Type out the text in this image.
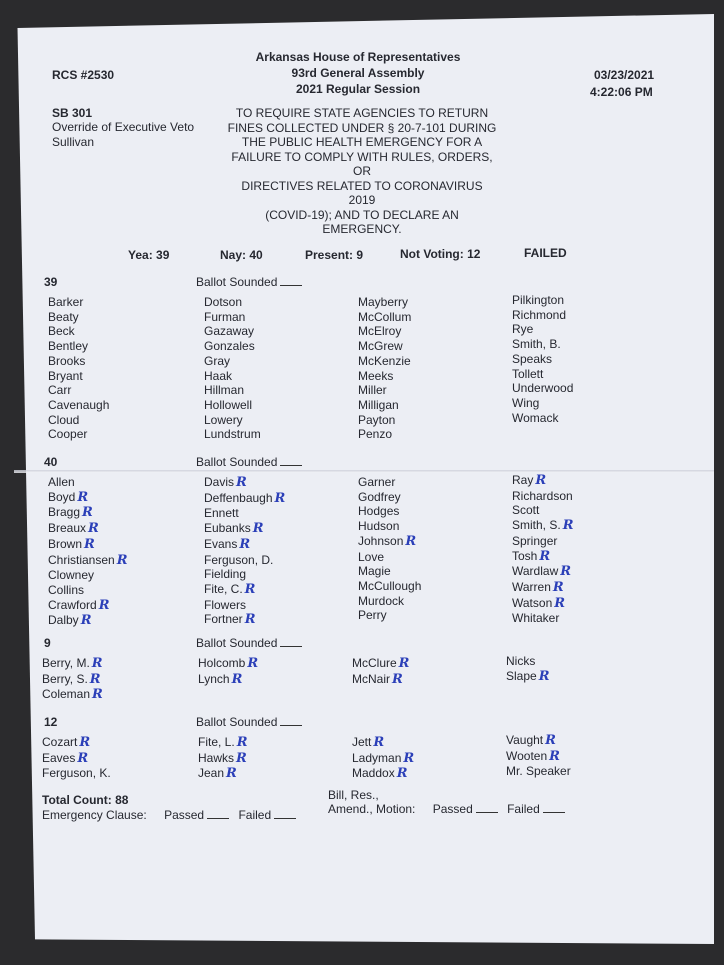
RCS #2530

Arkansas House of Representatives

93rd General Assembly

2021 Regular Session

03/23/2021

4:22:06 PM

SB 301

Override of Executive Veto

Sullivan

TO REQUIRE STATE AGENCIES TO RETURN

FINES COLLECTED UNDER § 20-7-101 DURING

THE PUBLIC HEALTH EMERGENCY FOR A

FAILURE TO COMPLY WITH RULES, ORDERS,

OR

DIRECTIVES RELATED TO CORONAVIRUS

2019

(COVID-19); AND TO DECLARE AN

EMERGENCY.

Yea: 39	Nay: 40	Present: 9	Not Voting: 12	FAILED

39	Ballot Sounded

Barker
Beaty
Beck
Bentley
Brooks
Bryant
Carr
Cavenaugh
Cloud
Cooper
Dotson
Furman
Gazaway
Gonzales
Gray
Haak
Hillman
Hollowell
Lowery
Lundstrum
Mayberry
McCollum
McElroy
McGrew
McKenzie
Meeks
Miller
Milligan
Payton
Penzo
Pilkington
Richmond
Rye
Smith, B.
Speaks
Tollett
Underwood
Wing
Womack

40	Ballot Sounded

Allen
Boyd R
Bragg R
Breaux R
Brown R
Christiansen R
Clowney
Collins
Crawford R
Dalby R
Davis R
Deffenbaugh R
Ennett
Eubanks R
Evans R
Ferguson, D.
Fielding
Fite, C. R
Flowers
Fortner R
Garner
Godfrey
Hodges
Hudson
Johnson R
Love
Magie
McCullough
Murdock
Perry
Ray R
Richardson
Scott
Smith, S. R
Springer
Tosh R
Wardlaw R
Warren R
Watson R
Whitaker

9	Ballot Sounded

Berry, M. R
Berry, S. R
Coleman R
Holcomb R
Lynch R
McClure R
McNair R
Nicks
Slape R

12	Ballot Sounded

Cozart R
Eaves R
Ferguson, K.
Fite, L. R
Hawks R
Jean R
Jett R
Ladyman R
Maddox R
Vaught R
Wooten R
Mr. Speaker

Total Count: 88

Emergency Clause: Passed	Failed

Bill, Res.,

Amend., Motion: Passed	Failed
